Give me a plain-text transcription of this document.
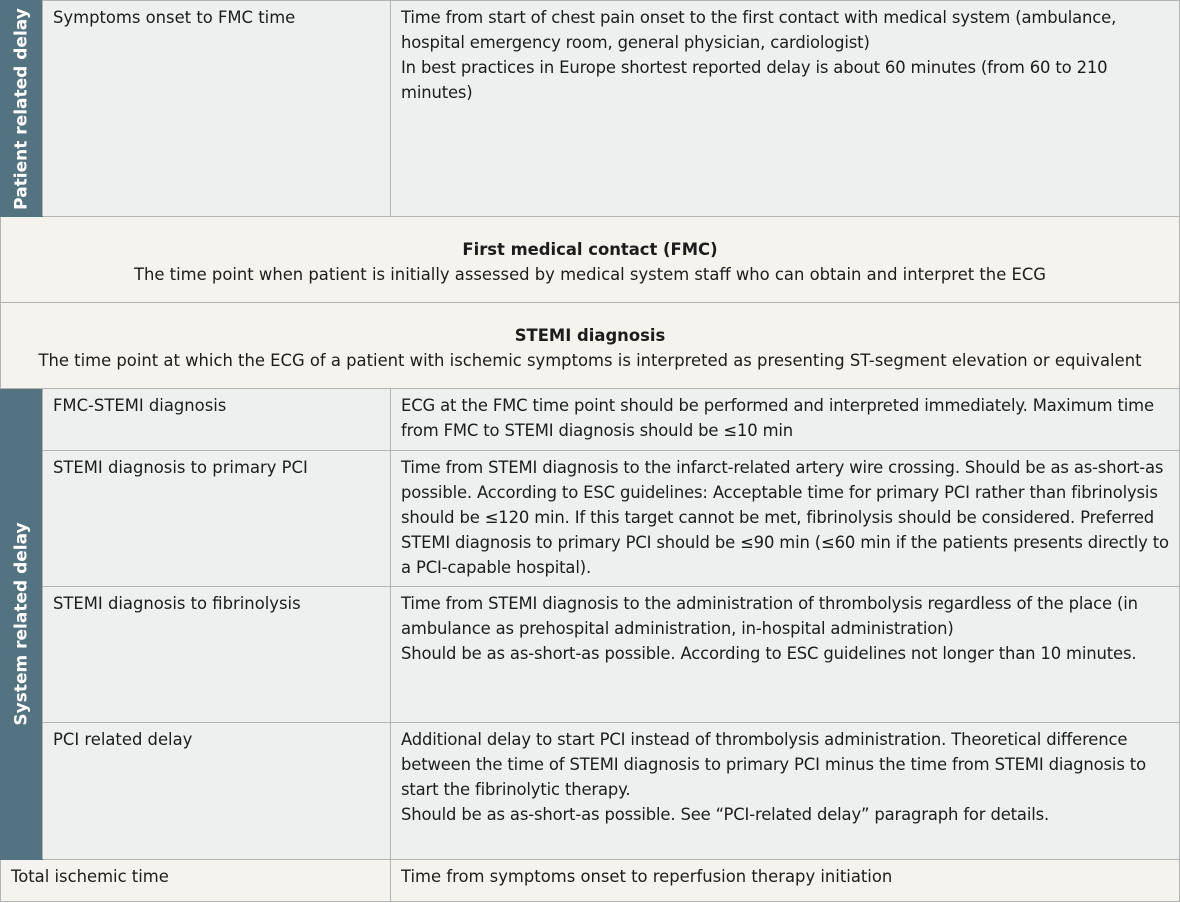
Patient related delay	Symptoms onset to FMC time	Time from start of chest pain onset to the first contact with medical system (ambulance, hospital emergency room, general physician, cardiologist)
In best practices in Europe shortest reported delay is about 60 minutes (from 60 to 210 minutes)

First medical contact (FMC)
The time point when patient is initially assessed by medical system staff who can obtain and interpret the ECG		

STEMI diagnosis
The time point at which the ECG of a patient with ischemic symptoms is interpreted as presenting ST-segment elevation or equivalent		

System related delay	FMC-STEMI diagnosis	ECG at the FMC time point should be performed and interpreted immediately. Maximum time from FMC to STEMI diagnosis should be ≤10 min

	STEMI diagnosis to primary PCI	Time from STEMI diagnosis to the infarct-related artery wire crossing. Should be as as-short-as possible. According to ESC guidelines: Acceptable time for primary PCI rather than fibrinolysis should be ≤120 min. If this target cannot be met, fibrinolysis should be considered. Preferred STEMI diagnosis to primary PCI should be ≤90 min (≤60 min if the patients presents directly to a PCI-capable hospital).

	STEMI diagnosis to fibrinolysis	Time from STEMI diagnosis to the administration of thrombolysis regardless of the place (in ambulance as prehospital administration, in-hospital administration)
Should be as as-short-as possible. According to ESC guidelines not longer than 10 minutes.

	PCI related delay	Additional delay to start PCI instead of thrombolysis administration. Theoretical difference between the time of STEMI diagnosis to primary PCI minus the time from STEMI diagnosis to start the fibrinolytic therapy.
Should be as as-short-as possible. See “PCI-related delay” paragraph for details.

Total ischemic time		Time from symptoms onset to reperfusion therapy initiation
